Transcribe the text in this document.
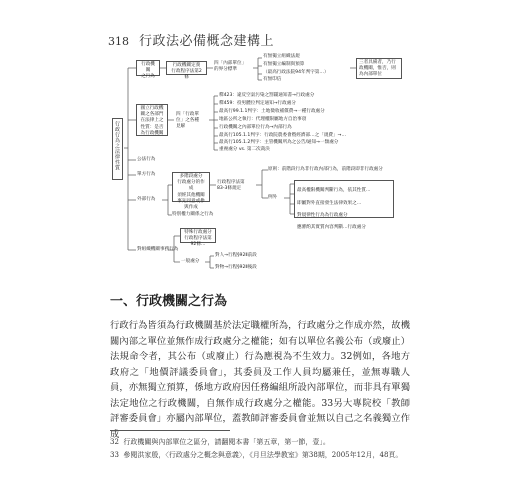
318 行政法必備概念建構上
行政行為之法律性質
行政機關
之行為
行政機關定義
行政程序法第2條
四「內部單位」
的界分標準
有無獨立組織法規
有無獨立編制與預算
（最高行政法院94年判字第…）
有無印信
三者具備者，乃行
政機關，惟否，則
為內部單位
國立行政機
關之各部門
在法律上之
性質：是否
為行政機關
四「行政單
位」之各種
見解
釋423：違反空氣污染之罰鍰通知書→行政處分
釋459：役男體位判定通知→行政處分
最高行99.1.1判字：土地徵收補償費→一種行政處分
地區公所之執行：代理權限屬地方自治事項
行政機關之內部單位行為→內部行為
最高行105.1.1判字：行政院農委會暨經濟部…之「規費」→…
最高行105.1.2判字：主管機關所為之公告/通知→一類處分
重複處分 vs. 第二次裁決
公法行為
單方行為
外部行為
多階段處分
行政處分的作成
須經其他機關
事先同意或參
與作成
行政程序法第
83-3條規定
原則：前階段行為非行政內部行為，前階段即非行政處分
例外

最高權限機關判斷行為，依其性質…

即屬對外直接發生法律效果之…

對規律性行為為行政處分

應審酌其實質內容判斷…行政處分

特別權力關係之行為
對組織機關事務行為
特殊行政處分
行政程序法第92條…
一般處分
對人→行程§92Ⅱ前段
對物→行程§92Ⅱ後段
一、行政機關之行為
行政行為皆須為行政機關基於法定職權所為，行政處分之作成亦然，故機關內部之單位並無作成行政處分之權能；如有以單位名義公布（或廢止）法規命令者，其公布（或廢止）行為應視為不生效力。32例如，各地方政府之「地價評議委員會」，其委員及工作人員均屬兼任，並無專職人員，亦無獨立預算，係地方政府因任務編組所設內部單位，而非具有單獨法定地位之行政機關，自無作成行政處分之權能。33另大專院校「教師評審委員會」亦屬內部單位，蓋教師評審委員會並無以自己之名義獨立作成
32 行政機關與內部單位之區分，請翻閱本書「第五章，第一節，壹」。
33 參閱洪家殷，〈行政處分之概念與意義〉，《月旦法學教室》第38期，2005年12月，48頁。
